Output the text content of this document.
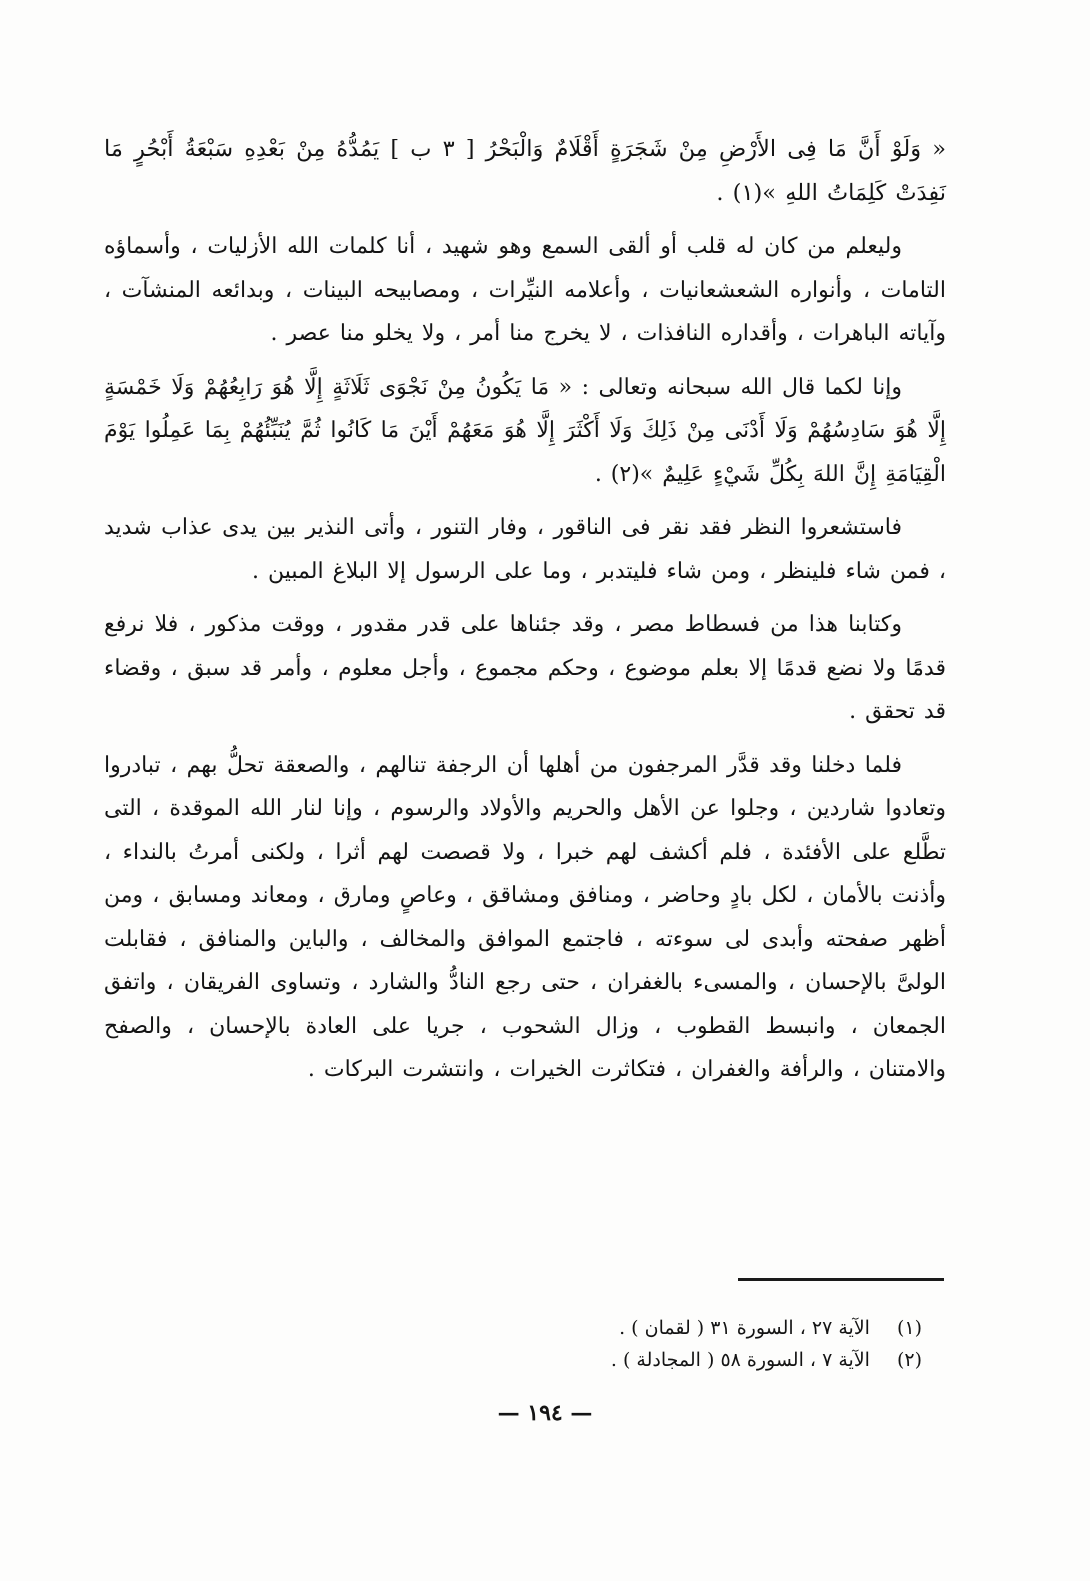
« وَلَوْ أَنَّ مَا فِى الأَرْضِ مِنْ شَجَرَةٍ أَقْلَامٌ وَالْبَحْرُ [ ٣ ب ] يَمُدُّهُ مِنْ بَعْدِهِ سَبْعَةُ أَبْحُرٍ مَا نَفِدَتْ كَلِمَاتُ اللهِ »(١) .

وليعلم من كان له قلب أو ألقى السمع وهو شهيد ، أنا كلمات الله الأزليات ، وأسماؤه التامات ، وأنواره الشعشعانيات ، وأعلامه النيِّرات ، ومصابيحه البينات ، وبدائعه المنشآت ، وآياته الباهرات ، وأقداره النافذات ، لا يخرج منا أمر ، ولا يخلو منا عصر .

وإنا لكما قال الله سبحانه وتعالى : « مَا يَكُونُ مِنْ نَجْوَى ثَلَاثَةٍ إِلَّا هُوَ رَابِعُهُمْ وَلَا خَمْسَةٍ إِلَّا هُوَ سَادِسُهُمْ وَلَا أَدْنَى مِنْ ذَلِكَ وَلَا أَكْثَرَ إِلَّا هُوَ مَعَهُمْ أَيْنَ مَا كَانُوا ثُمَّ يُنَبِّئُهُمْ بِمَا عَمِلُوا يَوْمَ الْقِيَامَةِ إِنَّ اللهَ بِكُلِّ شَيْءٍ عَلِيمٌ »(٢) .

فاستشعروا النظر فقد نقر فى الناقور ، وفار التنور ، وأتى النذير بين يدى عذاب شديد ، فمن شاء فلينظر ، ومن شاء فليتدبر ، وما على الرسول إلا البلاغ المبين .

وكتابنا هذا من فسطاط مصر ، وقد جئناها على قدر مقدور ، ووقت مذكور ، فلا نرفع قدمًا ولا نضع قدمًا إلا بعلم موضوع ، وحكم مجموع ، وأجل معلوم ، وأمر قد سبق ، وقضاء قد تحقق .

فلما دخلنا وقد قدَّر المرجفون من أهلها أن الرجفة تنالهم ، والصعقة تحلُّ بهم ، تبادروا وتعادوا شاردين ، وجلوا عن الأهل والحريم والأولاد والرسوم ، وإنا لنار الله الموقدة ، التى تطَّلع على الأفئدة ، فلم أكشف لهم خبرا ، ولا قصصت لهم أثرا ، ولكنى أمرتُ بالنداء ، وأذنت بالأمان ، لكل بادٍ وحاضر ، ومنافق ومشاقق ، وعاصٍ ومارق ، ومعاند ومسابق ، ومن أظهر صفحته وأبدى لى سوءته ، فاجتمع الموافق والمخالف ، والباين والمنافق ، فقابلت الولىَّ بالإحسان ، والمسىء بالغفران ، حتى رجع النادُّ والشارد ، وتساوى الفريقان ، واتفق الجمعان ، وانبسط القطوب ، وزال الشحوب ، جريا على العادة بالإحسان ، والصفح والامتنان ، والرأفة والغفران ، فتكاثرت الخيرات ، وانتشرت البركات .

(١) الآية ٢٧ ، السورة ٣١ ( لقمان ) .
(٢) الآية ٧ ، السورة ٥٨ ( المجادلة ) .
— ١٩٤ —
